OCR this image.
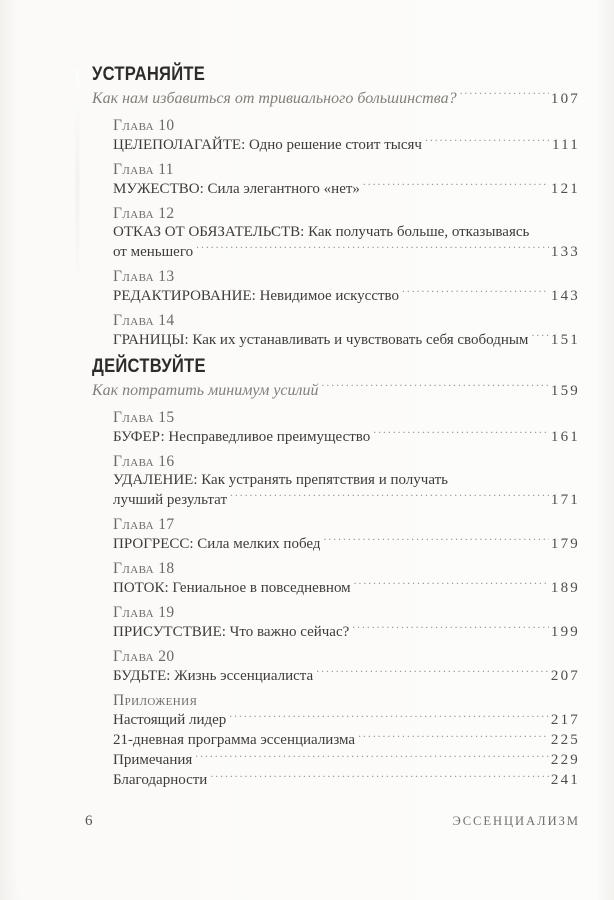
УСТРАНЯЙТЕ
Как нам избавиться от тривиального большинства? .....	107
Глава 10
ЦЕЛЕПОЛАГАЙТЕ: Одно решение стоит тысяч .....	111
Глава 11
МУЖЕСТВО: Сила элегантного «нет» .....	121
Глава 12
ОТКАЗ ОТ ОБЯЗАТЕЛЬСТВ: Как получать больше, отказываясь
от меньшего .....	133
Глава 13
РЕДАКТИРОВАНИЕ: Невидимое искусство .....	143
Глава 14
ГРАНИЦЫ: Как их устанавливать и чувствовать себя свободным ..... 151
ДЕЙСТВУЙТЕ
Как потратить минимум усилий .....	159
Глава 15
БУФЕР: Несправедливое преимущество .....	161
Глава 16
УДАЛЕНИЕ: Как устранять препятствия и получать
лучший результат .....	171
Глава 17
ПРОГРЕСС: Сила мелких побед .....	179
Глава 18
ПОТОК: Гениальное в повседневном .....	189
Глава 19
ПРИСУТСТВИЕ: Что важно сейчас? .....	199
Глава 20
БУДЬТЕ: Жизнь эссенциалиста .....	207
Приложения
Настоящий лидер .....	217
21-дневная программа эссенциализма .....	225
Примечания .....	229
Благодарности .....	241
6	ЭССЕНЦИАЛИЗМ
